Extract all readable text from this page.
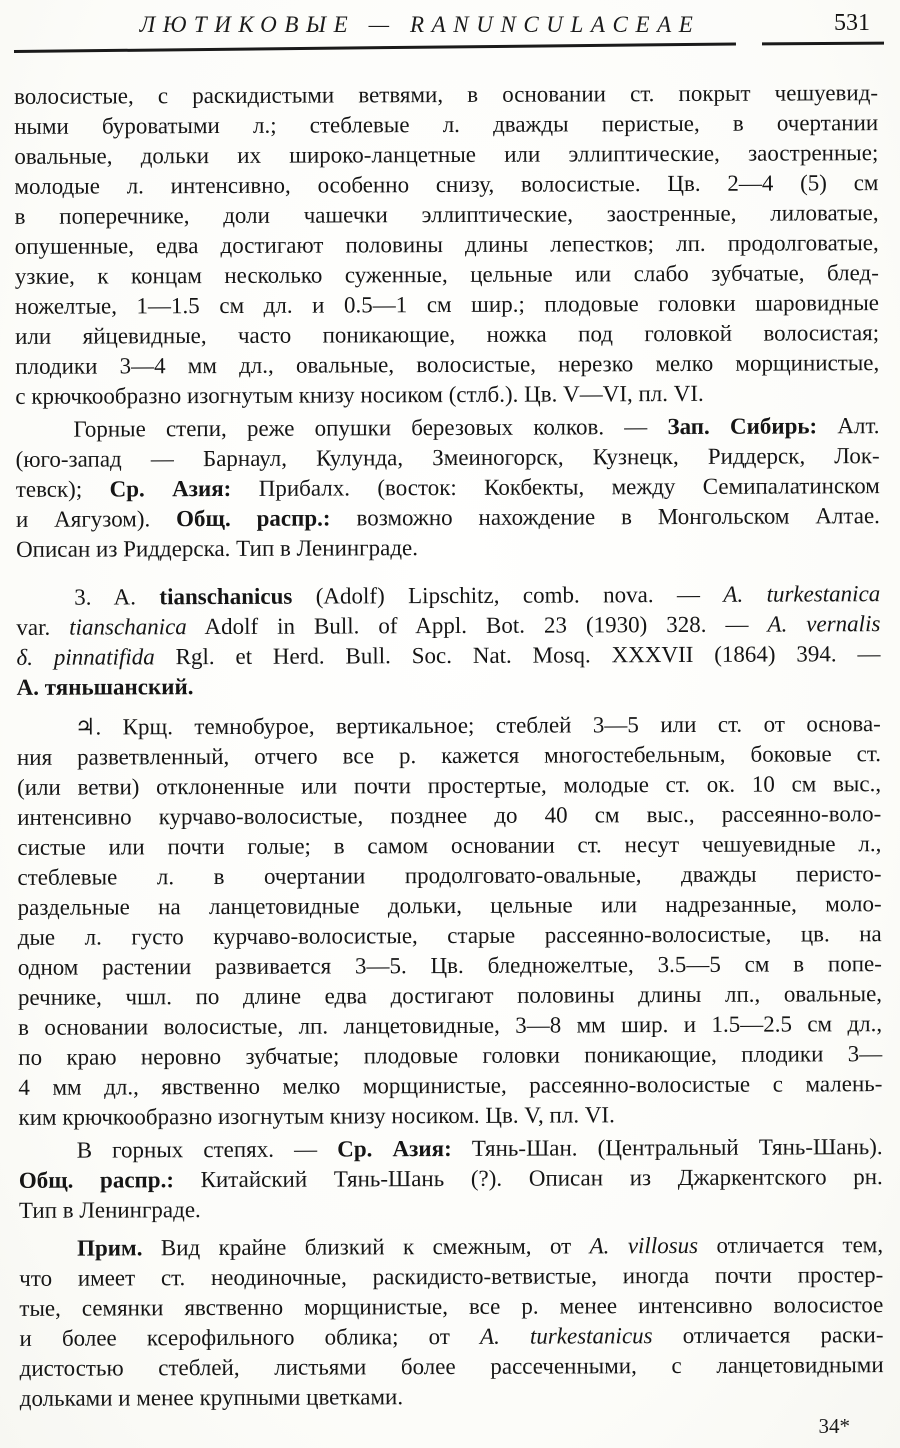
ЛЮТИКОВЫЕ — RANUNCULACEAE	531
волосистые, с раскидистыми ветвями, в основании ст. покрыт чешуевид-
ными буроватыми л.; стеблевые л. дважды перистые, в очертании
овальные, дольки их широко-ланцетные или эллиптические, заостренные;
молодые л. интенсивно, особенно снизу, волосистые. Цв. 2—4 (5) см
в поперечнике, доли чашечки эллиптические, заостренные, лиловатые,
опушенные, едва достигают половины длины лепестков; лп. продолговатые,
узкие, к концам несколько суженные, цельные или слабо зубчатые, блед-
ножелтые, 1—1.5 см дл. и 0.5—1 см шир.; плодовые головки шаровидные
или яйцевидные, часто поникающие, ножка под головкой волосистая;
плодики 3—4 мм дл., овальные, волосистые, нерезко мелко морщинистые,
с крючкообразно изогнутым книзу носиком (стлб.). Цв. V—VI, пл. VI.
Горные степи, реже опушки березовых колков. — Зап. Сибирь: Алт.
(юго-запад — Барнаул, Кулунда, Змеиногорск, Кузнецк, Риддерск, Лок-
тевск); Ср. Азия: Прибалх. (восток: Кокбекты, между Семипалатинском
и Аягузом). Общ. распр.: возможно нахождение в Монгольском Алтае.
Описан из Риддерска. Тип в Ленинграде.
3. A. tianschanicus (Adolf) Lipschitz, comb. nova. — A. turkestanica
var. tianschanica Adolf in Bull. of Appl. Bot. 23 (1930) 328. — A. vernalis
δ. pinnatifida Rgl. et Herd. Bull. Soc. Nat. Mosq. XXXVII (1864) 394. —
А. тяньшанский.
♃. Крщ. темнобурое, вертикальное; стеблей 3—5 или ст. от основа-
ния разветвленный, отчего все р. кажется многостебельным, боковые ст.
(или ветви) отклоненные или почти простертые, молодые ст. ок. 10 см выс.,
интенсивно курчаво-волосистые, позднее до 40 см выс., рассеянно-воло-
систые или почти голые; в самом основании ст. несут чешуевидные л.,
стеблевые л. в очертании продолговато-овальные, дважды перисто-
раздельные на ланцетовидные дольки, цельные или надрезанные, моло-
дые л. густо курчаво-волосистые, старые рассеянно-волосистые, цв. на
одном растении развивается 3—5. Цв. бледножелтые, 3.5—5 см в попе-
речнике, чшл. по длине едва достигают половины длины лп., овальные,
в основании волосистые, лп. ланцетовидные, 3—8 мм шир. и 1.5—2.5 см дл.,
по краю неровно зубчатые; плодовые головки поникающие, плодики 3—
4 мм дл., явственно мелко морщинистые, рассеянно-волосистые с малень-
ким крючкообразно изогнутым книзу носиком. Цв. V, пл. VI.
В горных степях. — Ср. Азия: Тянь-Шан. (Центральный Тянь-Шань).
Общ. распр.: Китайский Тянь-Шань (?). Описан из Джаркентского рн.
Тип в Ленинграде.
Прим. Вид крайне близкий к смежным, от A. villosus отличается тем,
что имеет ст. неодиночные, раскидисто-ветвистые, иногда почти простер-
тые, семянки явственно морщинистые, все р. менее интенсивно волосистое
и более ксерофильного облика; от A. turkestanicus отличается раски-
дистостью стеблей, листьями более рассеченными, с ланцетовидными
дольками и менее крупными цветками.
34*
